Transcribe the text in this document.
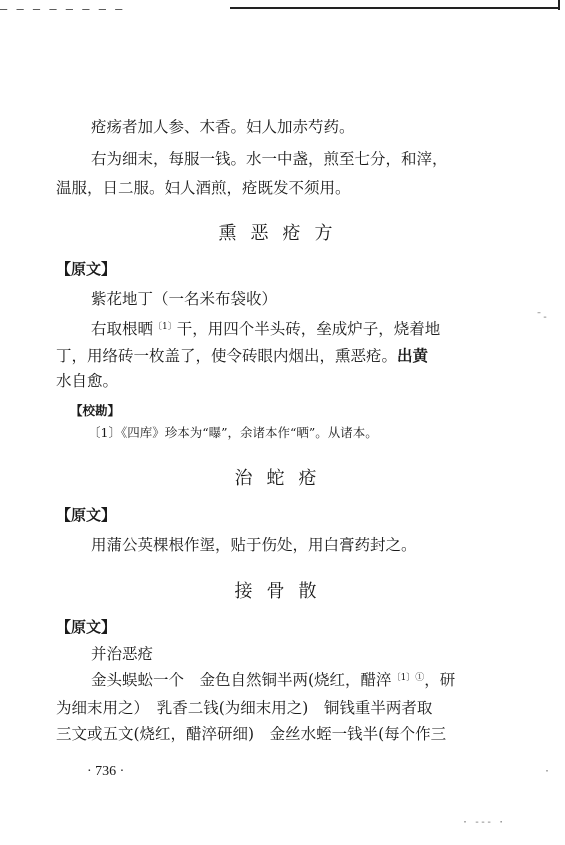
— — — — — — — —
疮疡者加人参、木香。妇人加赤芍药。
右为细末，每服一钱。水一中盏，煎至七分，和滓，
温服，日二服。妇人酒煎，疮既发不须用。
熏恶疮方
【原文】
紫花地丁（一名米布袋收）
右取根晒$^{〔1〕}$干，用四个半头砖，垒成炉子，烧着地
丁，用络砖一枚盖了，使令砖眼内烟出，熏恶疮。出黄
水自愈。
【校勘】
〔1〕《四库》珍本为“曝”，余诸本作“晒”。从诸本。
治蛇疮
【原文】
用蒲公英棵根作埿，贴于伤处，用白膏药封之。
接骨散
【原文】
并治恶疮
金头蜈蚣一个　金色自然铜半两(烧红，醋淬$^{〔1〕①}$，研
为细末用之）　乳香二钱(为细末用之)　铜钱重半两者取
三文或五文(烧红，醋淬研细)　金丝水蛭一钱半(每个作三
· 736 ·
ˉ‐
· ‐‐‐ ·
·
